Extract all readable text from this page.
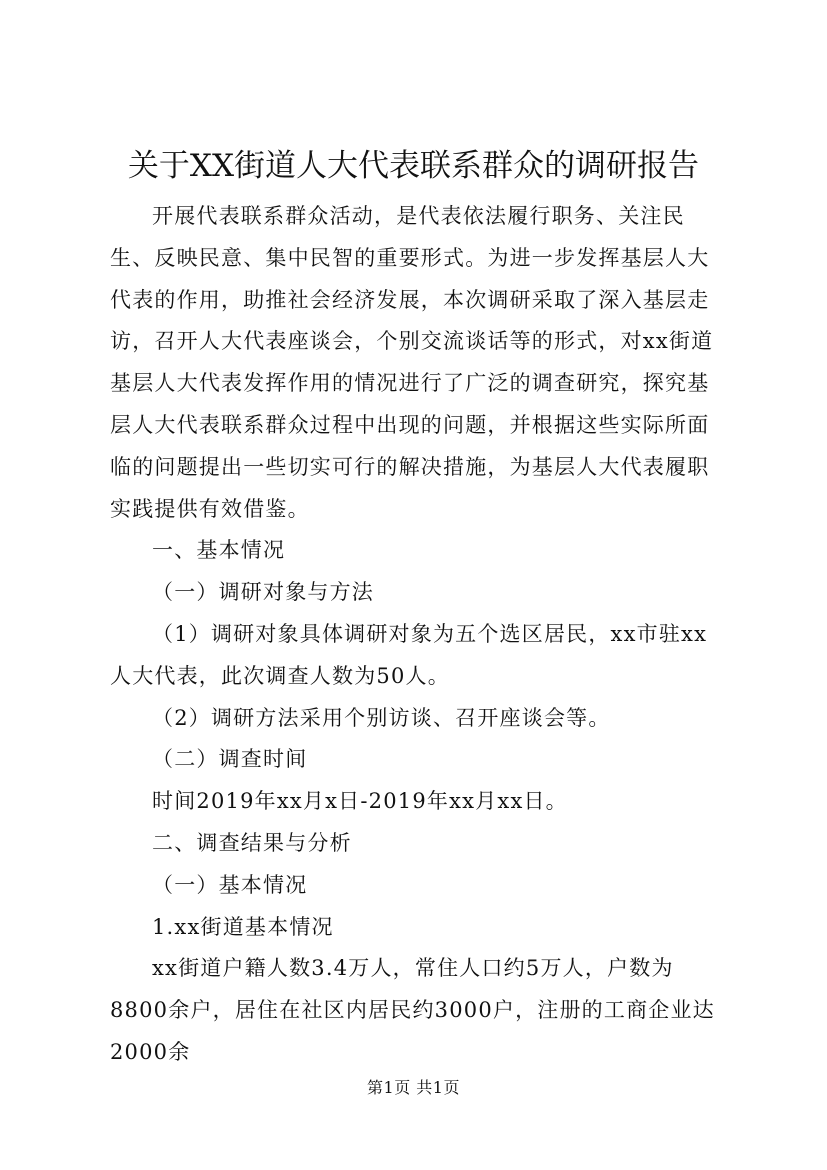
关于XX街道人大代表联系群众的调研报告

开展代表联系群众活动，是代表依法履行职务、关注民生、反映民意、集中民智的重要形式。为进一步发挥基层人大代表的作用，助推社会经济发展，本次调研采取了深入基层走访，召开人大代表座谈会，个别交流谈话等的形式，对xx街道基层人大代表发挥作用的情况进行了广泛的调查研究，探究基层人大代表联系群众过程中出现的问题，并根据这些实际所面临的问题提出一些切实可行的解决措施，为基层人大代表履职实践提供有效借鉴。

一、基本情况

（一）调研对象与方法

（1）调研对象具体调研对象为五个选区居民，xx市驻xx人大代表，此次调查人数为50人。

（2）调研方法采用个别访谈、召开座谈会等。

（二）调查时间

时间2019年xx月x日-2019年xx月xx日。

二、调查结果与分析

（一）基本情况

1.xx街道基本情况

xx街道户籍人数3.4万人，常住人口约5万人，户数为8800余户，居住在社区内居民约3000户，注册的工商企业达2000余

第1页 共1页
